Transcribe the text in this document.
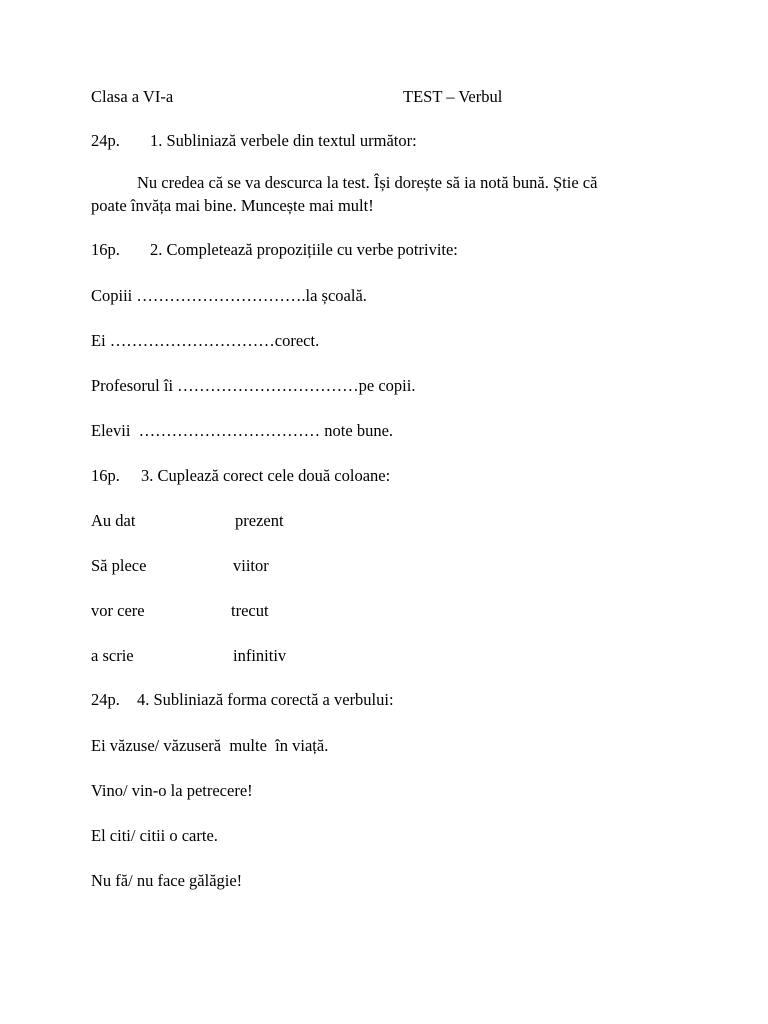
Clasa a VI-a	TEST – Verbul
24p. 1. Subliniază verbele din textul următor:
Nu credea că se va descurca la test. Își dorește să ia notă bună. Știe că
poate învăța mai bine. Muncește mai mult!
16p. 2. Completează propozițiile cu verbe potrivite:
Copiii ………………………….la școală.
Ei …………………………corect.
Profesorul îi ……………………………pe copii.
Elevii  …………………………… note bune.
16p. 3. Cuplează corect cele două coloane:
Au dat	prezent
Să plece	viitor
vor cere	trecut
a scrie	infinitiv
24p. 4. Subliniază forma corectă a verbului:
Ei văzuse/ văzuseră  multe  în viață.
Vino/ vin-o la petrecere!
El citi/ citii o carte.
Nu fă/ nu face gălăgie!
